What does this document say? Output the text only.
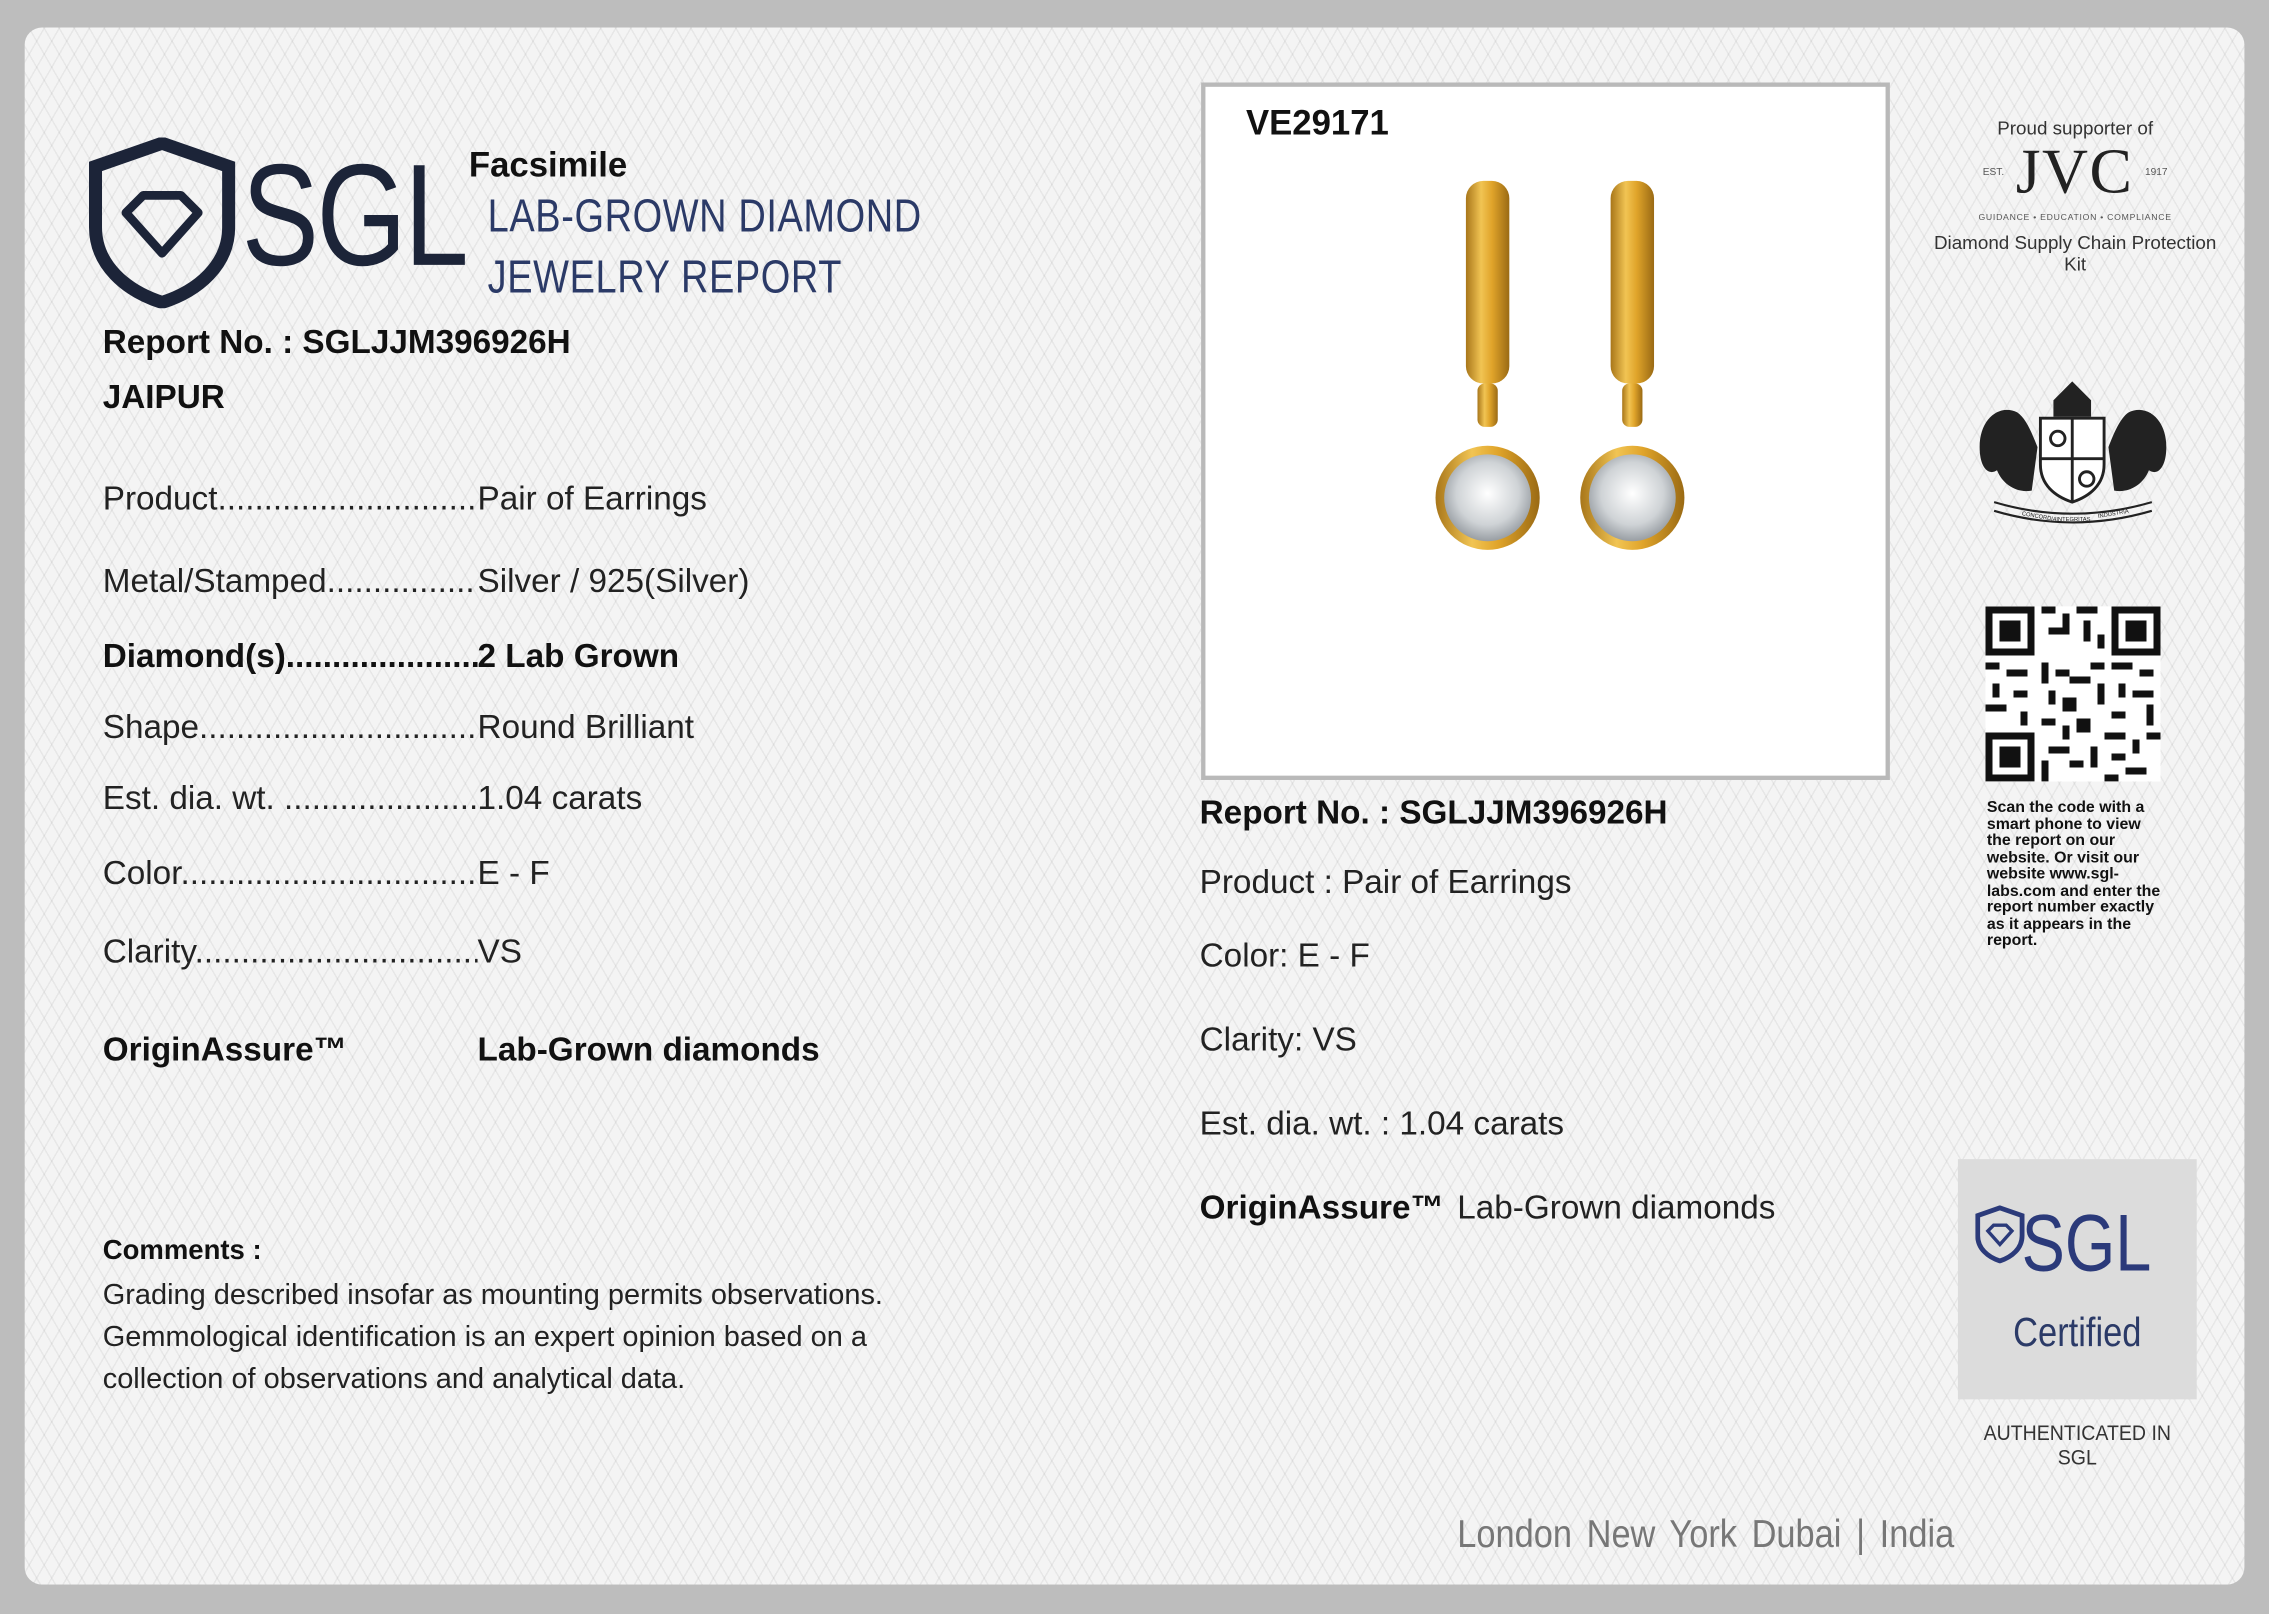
SGL Facsimile
LAB-GROWN DIAMOND
JEWELRY REPORT
Report No. : SGLJJM396926H
JAIPUR
Product .....	Pair of Earrings
Metal/Stamped .....	Silver / 925(Silver)
Diamond(s) .....	2 Lab Grown
Shape .....	Round Brilliant
Est. dia. wt. .....	1.04 carats
Color .....	E - F
Clarity .....	VS
OriginAssure™	Lab-Grown diamonds
Comments :
Grading described insofar as mounting permits observations. Gemmological identification is an expert opinion based on a collection of observations and analytical data.
VE29171
Report No. : SGLJJM396926H
Product : Pair of Earrings
Color: E - F
Clarity: VS
Est. dia. wt. : 1.04 carats
OriginAssure™ Lab-Grown diamonds
Proud supporter of
EST. JVC 1917
GUIDANCE • EDUCATION • COMPLIANCE
Diamond Supply Chain Protection Kit
CONCORDIA INTEGRITAS INDUSTRIA
Scan the code with a smart phone to view the report on our website. Or visit our website www.sgl-labs.com and enter the report number exactly as it appears in the report.
SGL
Certified
AUTHENTICATED IN SGL
London New York Dubai | India
